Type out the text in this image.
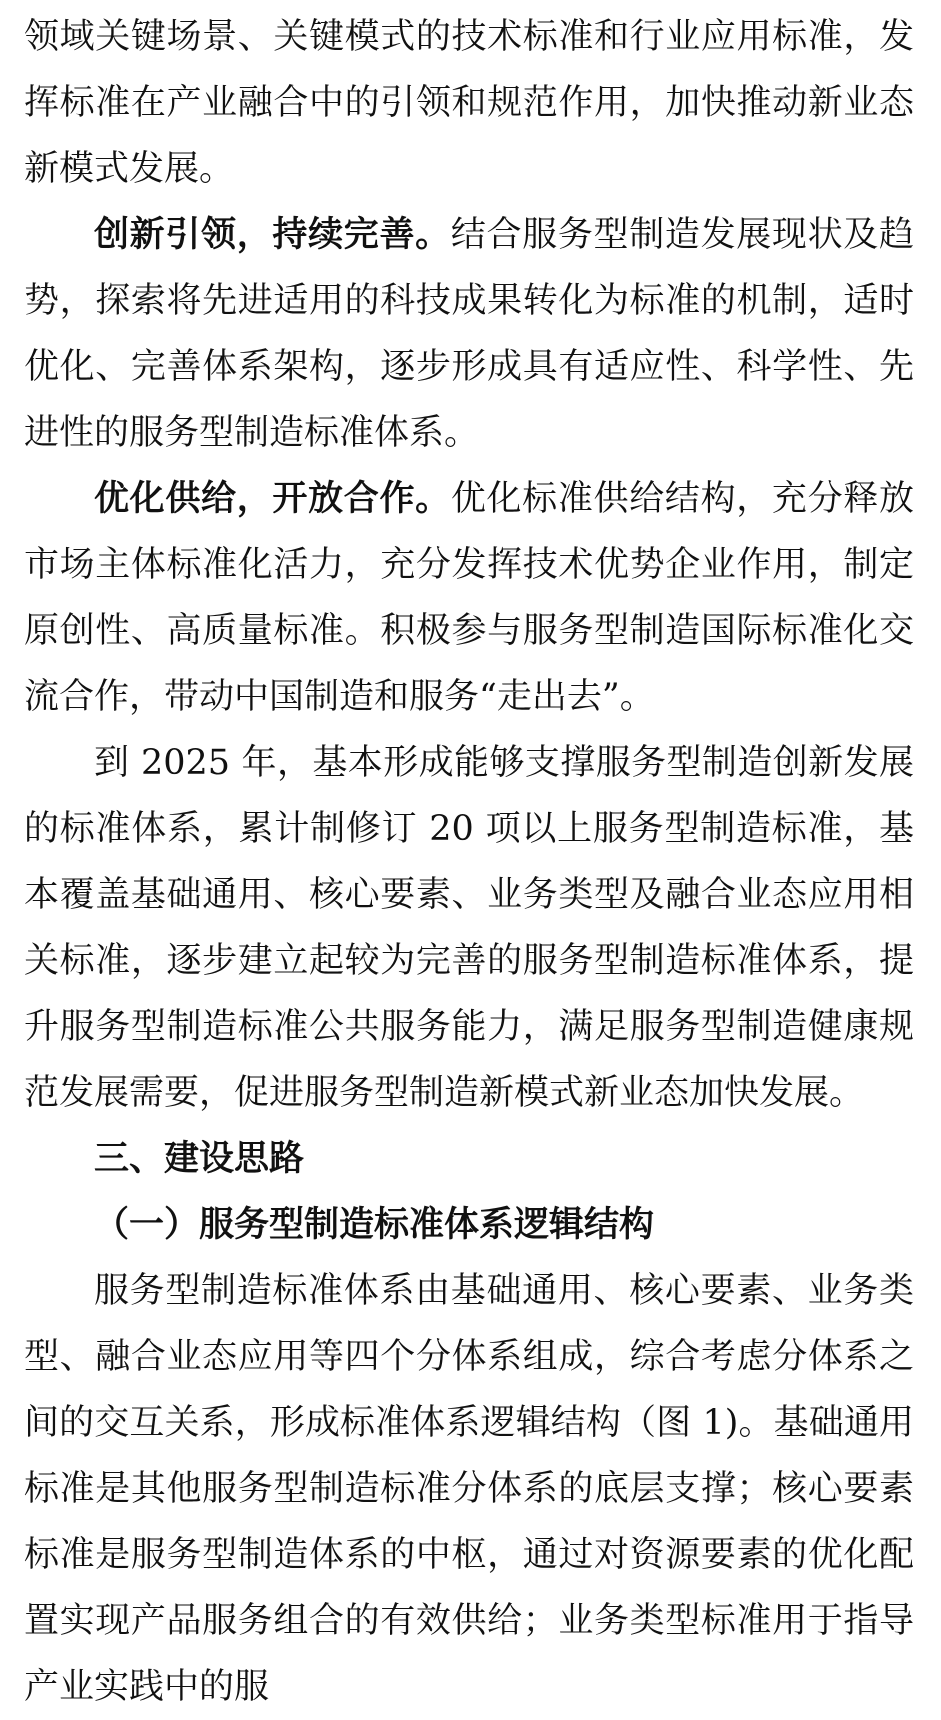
领域关键场景、关键模式的技术标准和行业应用标准，发挥标准在产业融合中的引领和规范作用，加快推动新业态新模式发展。

创新引领，持续完善。结合服务型制造发展现状及趋势，探索将先进适用的科技成果转化为标准的机制，适时优化、完善体系架构，逐步形成具有适应性、科学性、先进性的服务型制造标准体系。

优化供给，开放合作。优化标准供给结构，充分释放市场主体标准化活力，充分发挥技术优势企业作用，制定原创性、高质量标准。积极参与服务型制造国际标准化交流合作，带动中国制造和服务“走出去”。

到 2025 年，基本形成能够支撑服务型制造创新发展的标准体系，累计制修订 20 项以上服务型制造标准，基本覆盖基础通用、核心要素、业务类型及融合业态应用相关标准，逐步建立起较为完善的服务型制造标准体系，提升服务型制造标准公共服务能力，满足服务型制造健康规范发展需要，促进服务型制造新模式新业态加快发展。

三、建设思路
（一）服务型制造标准体系逻辑结构

服务型制造标准体系由基础通用、核心要素、业务类型、融合业态应用等四个分体系组成，综合考虑分体系之间的交互关系，形成标准体系逻辑结构（图 1)。基础通用标准是其他服务型制造标准分体系的底层支撑；核心要素标准是服务型制造体系的中枢，通过对资源要素的优化配置实现产品服务组合的有效供给；业务类型标准用于指导产业实践中的服
